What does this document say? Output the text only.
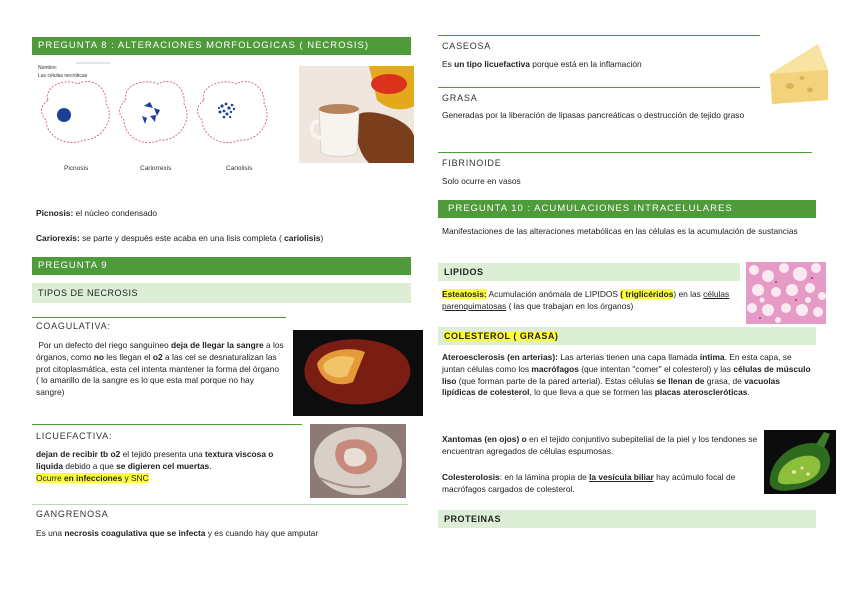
PREGUNTA 8 : ALTERACIONES MORFOLOGICAS ( NECROSIS)
Nombre:
Las células necróticas
Picnosis	Cariorrexis	Cariolisis

Picnosis: el núcleo condensado

Cariorexis: se parte y después este acaba en una lisis completa ( cariolisis)

PREGUNTA 9
TIPOS DE NECROSIS
COAGULATIVA:

Por un defecto del riego sanguíneo deja de llegar la sangre a los órganos, como no les llegan el o2 a las cel se desnaturalizan las prot citoplasmática, esta cel intenta mantener la forma del órgano ( lo amarillo de la sangre es lo que esta mal porque no hay sangre)

LICUEFACTIVA:

dejan de recibir tb o2 el tejido presenta una textura viscosa o liquida debido a que se digieren cel muertas.
Ocurre en infecciones y SNC

GANGRENOSA

Es una necrosis coagulativa que se infecta y es cuando hay que amputar

CASEOSA

Es un tipo licuefactiva porque está en la inflamación

GRASA

Generadas por la liberación de lipasas pancreáticas o destrucción de tejido graso

FIBRINOIDE

Solo ocurre en vasos

PREGUNTA 10 : ACUMULACIONES INTRACELULARES

Manifestaciones de las alteraciones metabólicas en las células es la acumulación de sustancias

LIPIDOS

Esteatosis: Acumulación anómala de LIPIDOS ( triglicéridos) en las células parenquimatosas ( las que trabajan en los órganos)

COLESTEROL ( GRASA)

Ateroesclerosis (en arterias): Las arterias tienen una capa llamada íntima. En esta capa, se juntan células como los macrófagos (que intentan "comer" el colesterol) y las células de músculo liso (que forman parte de la pared arterial). Estas células se llenan de grasa, de vacuolas lipídicas de colesterol, lo que lleva a que se formen las placas ateroscleróticas.

Xantomas (en ojos) o en el tejido conjuntivo subepitelial de la piel y los tendones se encuentran agregados de células espumosas.

Colesterolosis: en la lámina propia de la vesícula biliar hay acúmulo focal de macrófagos cargados de colesterol.

PROTEINAS
